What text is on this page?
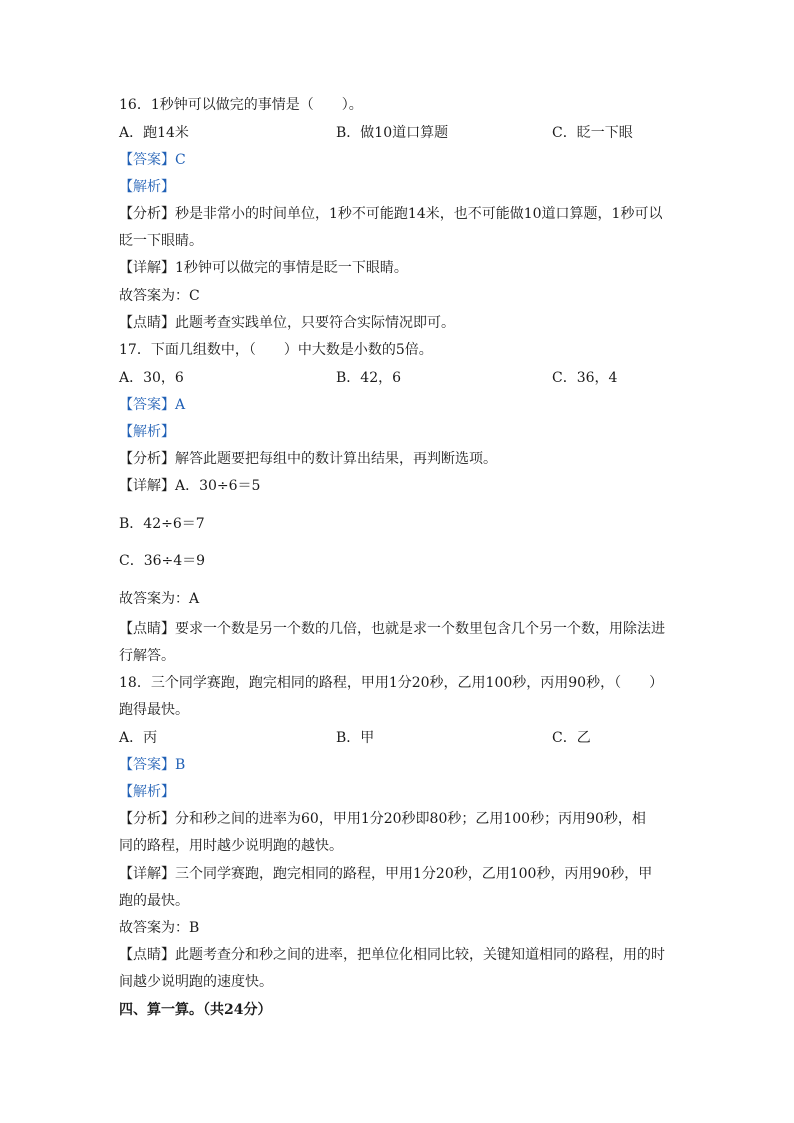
16．1秒钟可以做完的事情是（　　）。
A．跑14米	B．做10道口算题	C．眨一下眼
【答案】C
【解析】
【分析】秒是非常小的时间单位，1秒不可能跑14米，也不可能做10道口算题，1秒可以
眨一下眼睛。
【详解】1秒钟可以做完的事情是眨一下眼睛。
故答案为：C
【点睛】此题考查实践单位，只要符合实际情况即可。
17．下面几组数中，（　　）中大数是小数的5倍。
A．30，6	B．42，6	C．36，4
【答案】A
【解析】
【分析】解答此题要把每组中的数计算出结果，再判断选项。
【详解】A．30÷6＝5
B．42÷6＝7
C．36÷4＝9
故答案为：A
【点睛】要求一个数是另一个数的几倍，也就是求一个数里包含几个另一个数，用除法进
行解答。
18．三个同学赛跑，跑完相同的路程，甲用1分20秒，乙用100秒，丙用90秒，（　　）
跑得最快。
A．丙	B．甲	C．乙
【答案】B
【解析】
【分析】分和秒之间的进率为60，甲用1分20秒即80秒；乙用100秒；丙用90秒，相
同的路程，用时越少说明跑的越快。
【详解】三个同学赛跑，跑完相同的路程，甲用1分20秒，乙用100秒，丙用90秒，甲
跑的最快。
故答案为：B
【点睛】此题考查分和秒之间的进率，把单位化相同比较，关键知道相同的路程，用的时
间越少说明跑的速度快。
四、算一算。（共24分）
